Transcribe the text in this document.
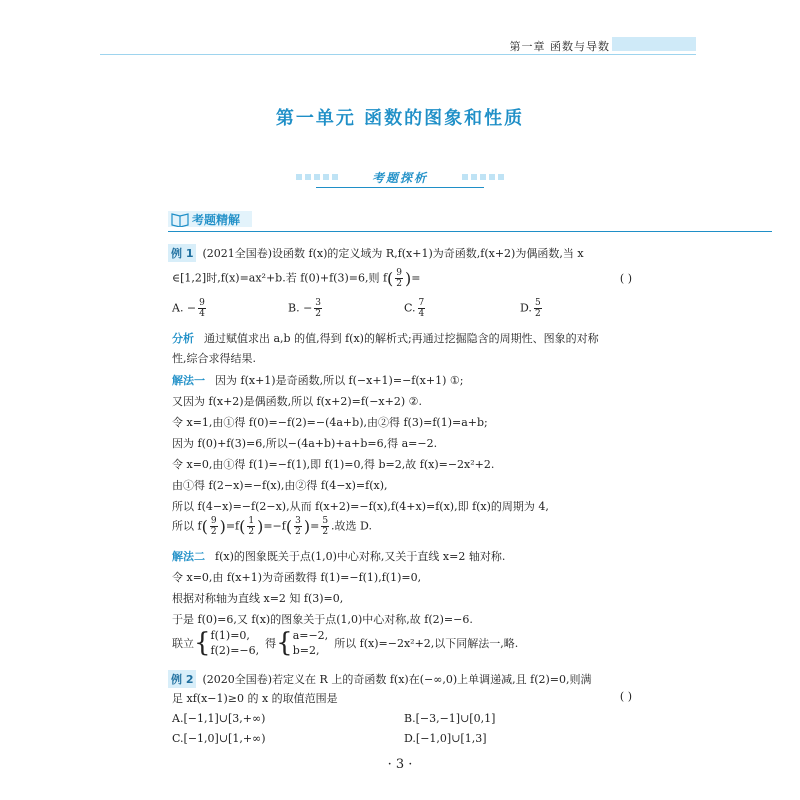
第一章 函数与导数
第一单元 函数的图象和性质
考题探析
考题精解
例 1 (2021全国卷)设函数 f(x)的定义域为 R,f(x+1)为奇函数,f(x+2)为偶函数,当 x
∈[1,2]时,f(x)=ax²+b.若 f(0)+f(3)=6,则 $f( \frac{9}{2}$ )=	( )
A. − $\frac{9}{4}$	B. − $\frac{3}{2}$	C. $\frac{7}{4}$	D. $\frac{5}{2}$
分析 通过赋值求出 a,b 的值,得到 f(x)的解析式;再通过挖掘隐含的周期性、图象的对称
性,综合求得结果.
解法一 因为 f(x+1)是奇函数,所以 f(−x+1)=−f(x+1) ①;
又因为 f(x+2)是偶函数,所以 f(x+2)=f(−x+2) ②.
令 x=1,由①得 f(0)=−f(2)=−(4a+b),由②得 f(3)=f(1)=a+b;
因为 f(0)+f(3)=6,所以−(4a+b)+a+b=6,得 a=−2.
令 x=0,由①得 f(1)=−f(1),即 f(1)=0,得 b=2,故 f(x)=−2x²+2.
由①得 f(2−x)=−f(x),由②得 f(4−x)=f(x),
所以 f(4−x)=−f(2−x),从而 f(x+2)=−f(x),f(4+x)=f(x),即 f(x)的周期为 4,
所以 $f( \frac{9}{2} )=f( \frac{1}{2} )=-f( \frac{3}{2}$ )= $\frac{5}{2}$ .故选 D.
解法二 f(x)的图象既关于点(1,0)中心对称,又关于直线 x=2 轴对称.
令 x=0,由 f(x+1)为奇函数得 f(1)=−f(1),f(1)=0,
根据对称轴为直线 x=2 知 f(3)=0,
于是 f(0)=6,又 f(x)的图象关于点(1,0)中心对称,故 f(2)=−6.
联立{ f(1)=0,
f(2)=−6,
得{ a=−2,
b=2,
所以 f(x)=−2x²+2,以下同解法一,略.
例 2 (2020全国卷)若定义在 R 上的奇函数 f(x)在(−∞,0)上单调递减,且 f(2)=0,则满
足 xf(x−1)≥0 的 x 的取值范围是	( )
A.[−1,1]∪[3,+∞)	B.[−3,−1]∪[0,1]
C.[−1,0]∪[1,+∞)	D.[−1,0]∪[1,3]
· 3 ·
